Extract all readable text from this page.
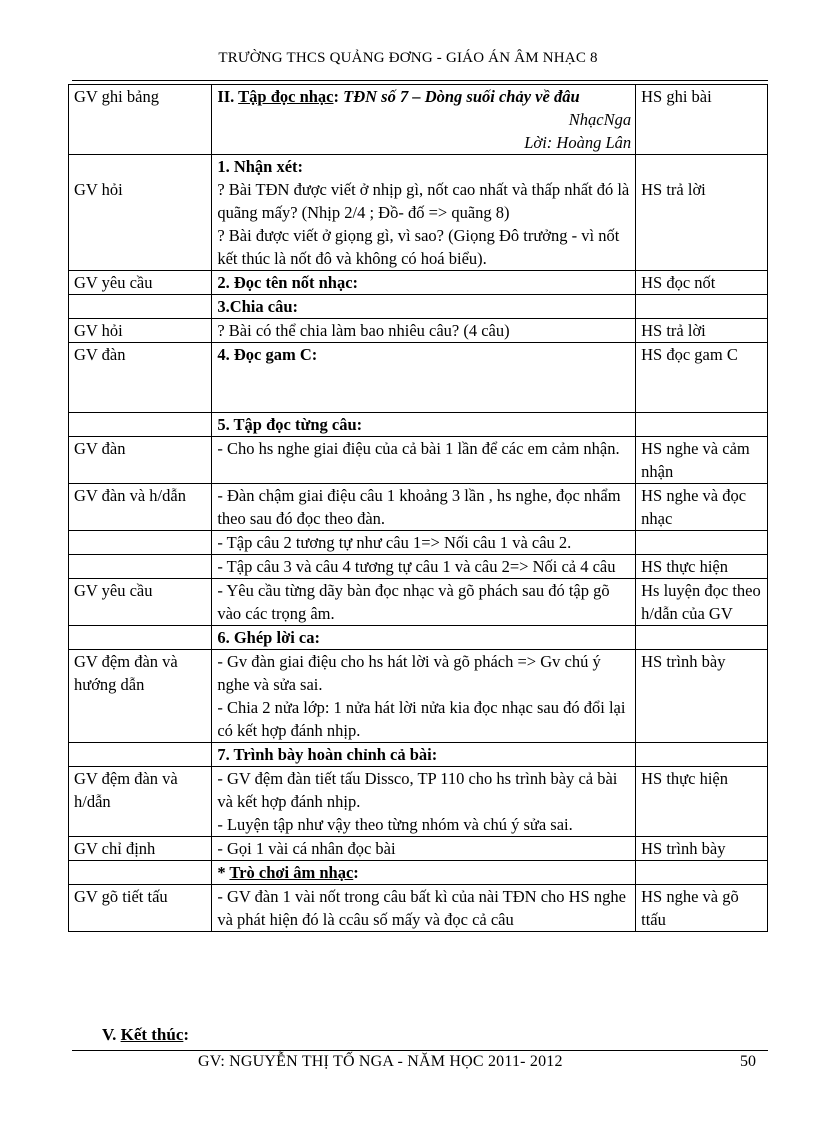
TRƯỜNG THCS QUẢNG ĐƠNG - GIÁO ÁN ÂM NHẠC 8
GV ghi bảng	II. Tập đọc nhạc: TĐN số 7 – Dòng suối chảy về đâu
NhạcNga
Lời: Hoàng Lân	HS ghi bài

GV hỏi	1. Nhận xét:
? Bài TĐN được viết ở nhịp gì, nốt cao nhất và thấp nhất đó là quãng mấy? (Nhịp 2/4 ; Đồ- đố => quãng 8)
? Bài được viết ở giọng gì, vì sao? (Giọng Đô trưởng - vì nốt kết thúc là nốt đô và không có hoá biểu).	HS trả lời

GV yêu cầu	2. Đọc tên nốt nhạc:	HS đọc nốt

	3.Chia câu:	

GV hỏi	? Bài có thể chia làm bao nhiêu câu? (4 câu)	HS trả lời

GV đàn	4. Đọc gam C:	HS đọc gam C

	5. Tập đọc từng câu:	

GV đàn	- Cho hs nghe giai điệu của cả bài 1 lần để các em cảm nhận.	HS nghe và cảm nhận

GV đàn và h/dẫn	- Đàn chậm giai điệu câu 1 khoảng 3 lần , hs nghe, đọc nhẩm theo sau đó đọc theo đàn.	HS nghe và đọc nhạc

	- Tập câu 2 tương tự như câu 1=> Nối câu 1 và câu 2.	

	- Tập câu 3 và câu 4 tương tự câu 1 và câu 2=> Nối cả 4 câu	HS thực hiện

GV yêu cầu	- Yêu cầu từng dãy bàn đọc nhạc và gõ phách sau đó tập gõ vào các trọng âm.	Hs luyện đọc theo h/dẫn của GV

	6. Ghép lời ca:	

GV đệm đàn và hướng dẫn	- Gv đàn giai điệu cho hs hát lời và gõ phách => Gv chú ý nghe và sửa sai.
- Chia 2 nửa lớp: 1 nửa hát lời nửa kia đọc nhạc sau đó đổi lại có kết hợp đánh nhịp.	HS trình bày

	7. Trình bày hoàn chỉnh cả bài:	

GV đệm đàn và h/dẫn	- GV đệm đàn tiết tấu Dissco, TP 110 cho hs trình bày cả bài và kết hợp đánh nhịp.
- Luyện tập như vậy theo từng nhóm và chú ý sửa sai.	HS thực hiện

GV chỉ định	- Gọi 1 vài cá nhân đọc bài	HS trình bày

	* Trò chơi âm nhạc:	

GV gõ tiết tấu	- GV đàn 1 vài nốt trong câu bất kì của nài TĐN cho HS nghe và phát hiện đó là ccâu số mấy và đọc cả câu	HS nghe và gõ ttấu
V. Kết thúc:
GV: NGUYỄN THỊ TỐ NGA - NĂM HỌC 2011- 2012	50
